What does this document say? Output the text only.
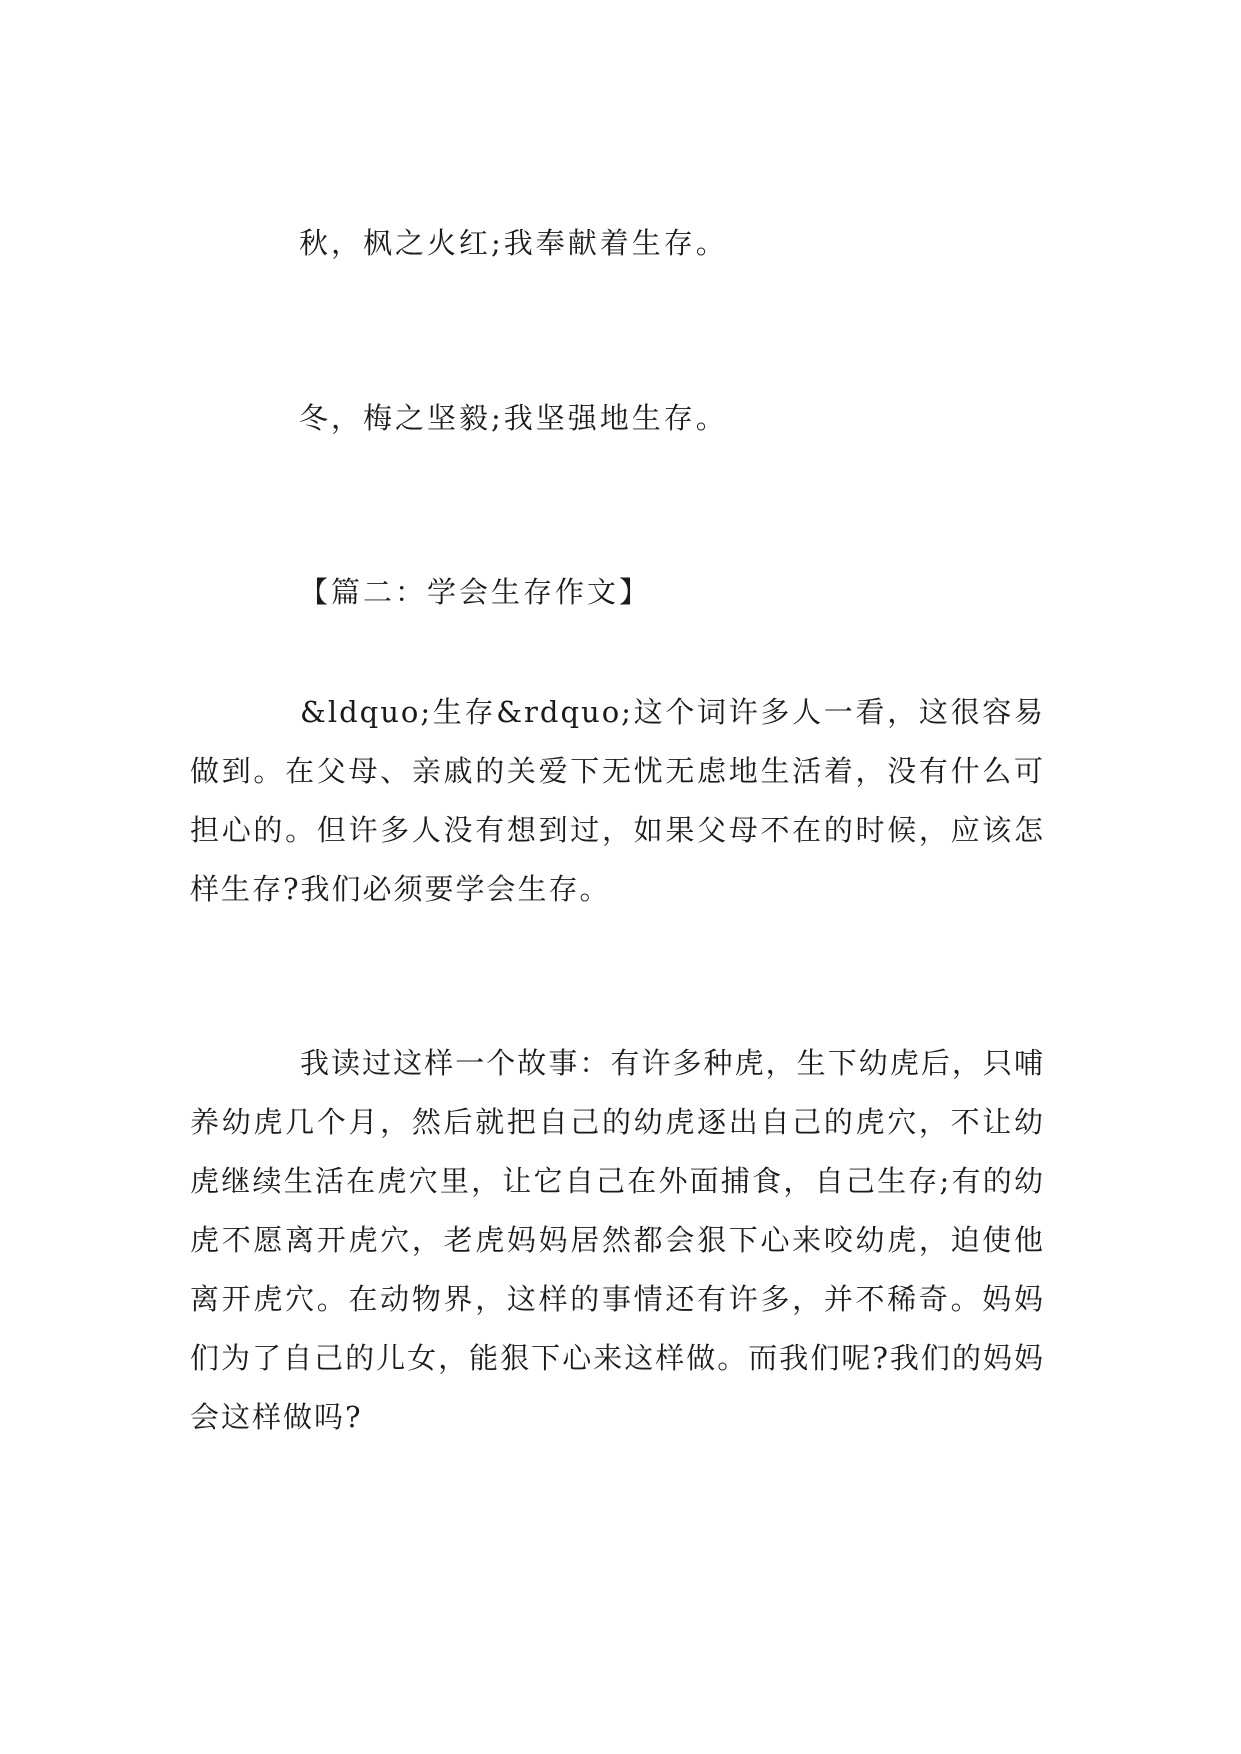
秋，枫之火红;我奉献着生存。
冬，梅之坚毅;我坚强地生存。
【篇二：学会生存作文】
&ldquo;生存&rdquo;这个词许多人一看，这很容易做到。在父母、亲戚的关爱下无忧无虑地生活着，没有什么可担心的。但许多人没有想到过，如果父母不在的时候，应该怎样生存?我们必须要学会生存。
我读过这样一个故事：有许多种虎，生下幼虎后，只哺养幼虎几个月，然后就把自己的幼虎逐出自己的虎穴，不让幼虎继续生活在虎穴里，让它自己在外面捕食，自己生存;有的幼虎不愿离开虎穴，老虎妈妈居然都会狠下心来咬幼虎，迫使他离开虎穴。在动物界，这样的事情还有许多，并不稀奇。妈妈们为了自己的儿女，能狠下心来这样做。而我们呢?我们的妈妈会这样做吗?
